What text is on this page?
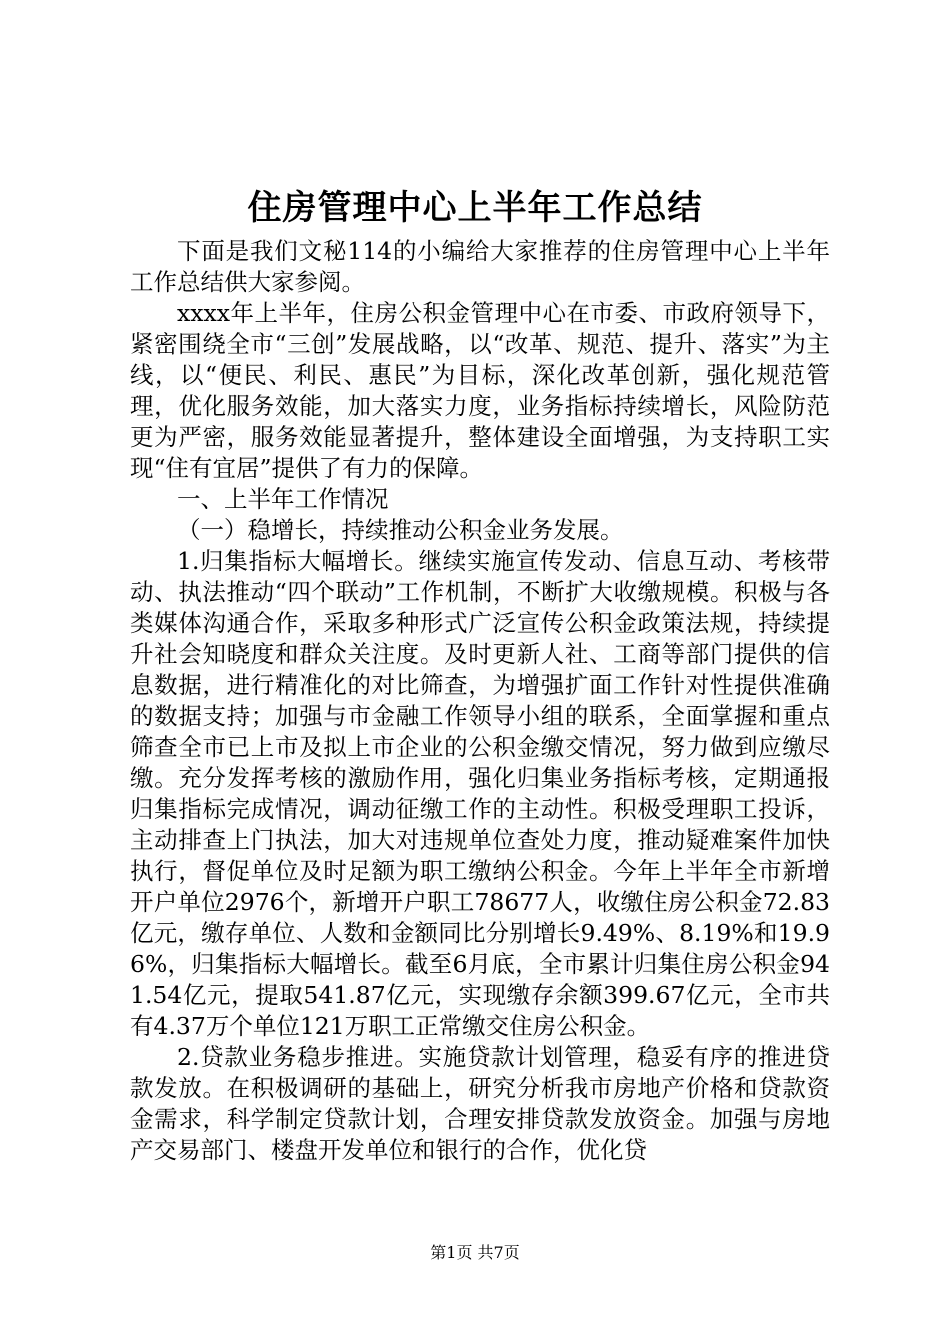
住房管理中心上半年工作总结

下面是我们文秘114的小编给大家推荐的住房管理中心上半年工作总结供大家参阅。

xxxx年上半年，住房公积金管理中心在市委、市政府领导下，紧密围绕全市“三创”发展战略，以“改革、规范、提升、落实”为主线，以“便民、利民、惠民”为目标，深化改革创新，强化规范管理，优化服务效能，加大落实力度，业务指标持续增长，风险防范更为严密，服务效能显著提升，整体建设全面增强，为支持职工实现“住有宜居”提供了有力的保障。

一、上半年工作情况

（一）稳增长，持续推动公积金业务发展。

1.归集指标大幅增长。继续实施宣传发动、信息互动、考核带动、执法推动“四个联动”工作机制，不断扩大收缴规模。积极与各类媒体沟通合作，采取多种形式广泛宣传公积金政策法规，持续提升社会知晓度和群众关注度。及时更新人社、工商等部门提供的信息数据，进行精准化的对比筛查，为增强扩面工作针对性提供准确的数据支持；加强与市金融工作领导小组的联系，全面掌握和重点筛查全市已上市及拟上市企业的公积金缴交情况，努力做到应缴尽缴。充分发挥考核的激励作用，强化归集业务指标考核，定期通报归集指标完成情况，调动征缴工作的主动性。积极受理职工投诉，主动排查上门执法，加大对违规单位查处力度，推动疑难案件加快执行，督促单位及时足额为职工缴纳公积金。今年上半年全市新增开户单位2976个，新增开户职工78677人，收缴住房公积金72.83亿元，缴存单位、人数和金额同比分别增长9.49%、8.19%和19.96%，归集指标大幅增长。截至6月底，全市累计归集住房公积金941.54亿元，提取541.87亿元，实现缴存余额399.67亿元，全市共有4.37万个单位121万职工正常缴交住房公积金。

2.贷款业务稳步推进。实施贷款计划管理，稳妥有序的推进贷款发放。在积极调研的基础上，研究分析我市房地产价格和贷款资金需求，科学制定贷款计划，合理安排贷款发放资金。加强与房地产交易部门、楼盘开发单位和银行的合作，优化贷

第1页 共7页
